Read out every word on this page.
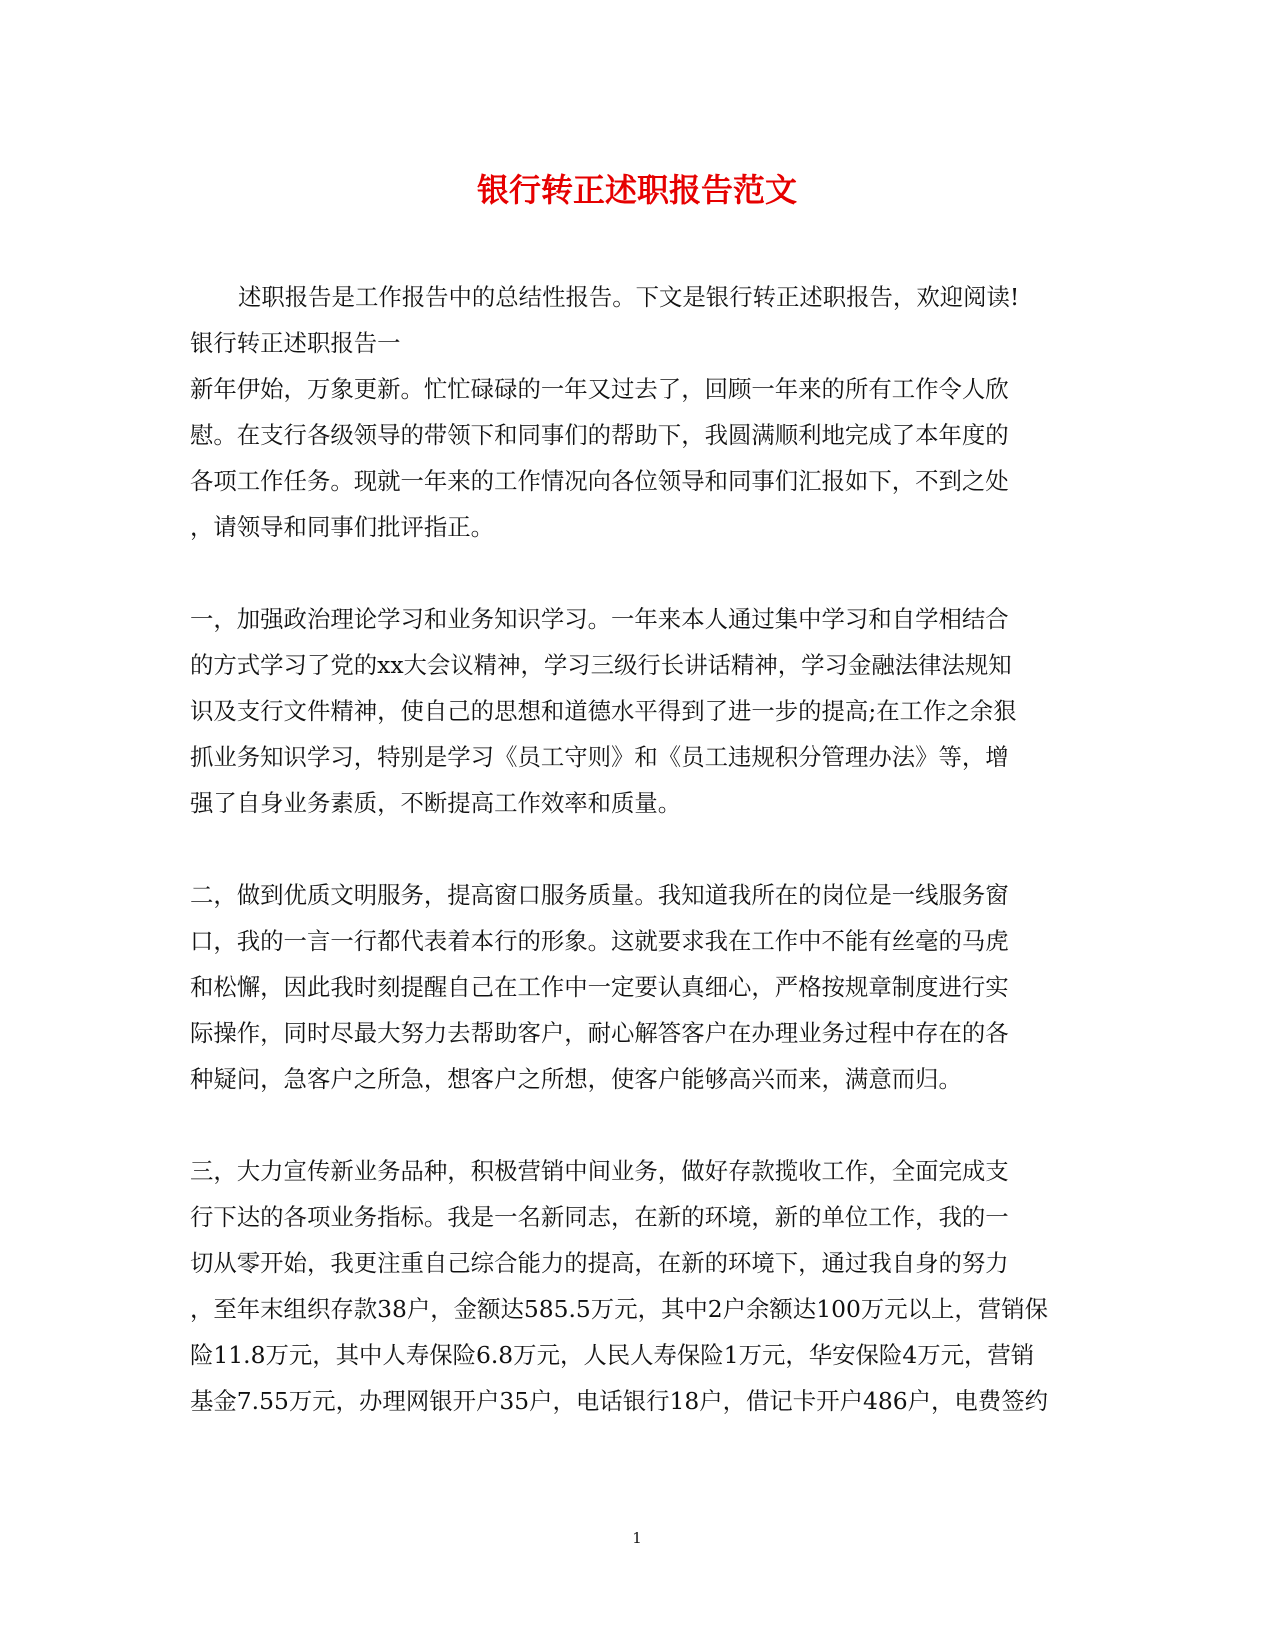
银行转正述职报告范文

述职报告是工作报告中的总结性报告。下文是银行转正述职报告，欢迎阅读!

银行转正述职报告一

新年伊始，万象更新。忙忙碌碌的一年又过去了，回顾一年来的所有工作令人欣

慰。在支行各级领导的带领下和同事们的帮助下，我圆满顺利地完成了本年度的

各项工作任务。现就一年来的工作情况向各位领导和同事们汇报如下，不到之处

，请领导和同事们批评指正。

一，加强政治理论学习和业务知识学习。一年来本人通过集中学习和自学相结合

的方式学习了党的xx大会议精神，学习三级行长讲话精神，学习金融法律法规知

识及支行文件精神，使自己的思想和道德水平得到了进一步的提高;在工作之余狠

抓业务知识学习，特别是学习《员工守则》和《员工违规积分管理办法》等，增

强了自身业务素质，不断提高工作效率和质量。

二，做到优质文明服务，提高窗口服务质量。我知道我所在的岗位是一线服务窗

口，我的一言一行都代表着本行的形象。这就要求我在工作中不能有丝毫的马虎

和松懈，因此我时刻提醒自己在工作中一定要认真细心，严格按规章制度进行实

际操作，同时尽最大努力去帮助客户，耐心解答客户在办理业务过程中存在的各

种疑问，急客户之所急，想客户之所想，使客户能够高兴而来，满意而归。

三，大力宣传新业务品种，积极营销中间业务，做好存款揽收工作，全面完成支

行下达的各项业务指标。我是一名新同志，在新的环境，新的单位工作，我的一

切从零开始，我更注重自己综合能力的提高，在新的环境下，通过我自身的努力

，至年末组织存款38户，金额达585.5万元，其中2户余额达100万元以上，营销保

险11.8万元，其中人寿保险6.8万元，人民人寿保险1万元，华安保险4万元，营销

基金7.55万元，办理网银开户35户，电话银行18户，借记卡开户486户，电费签约

1
